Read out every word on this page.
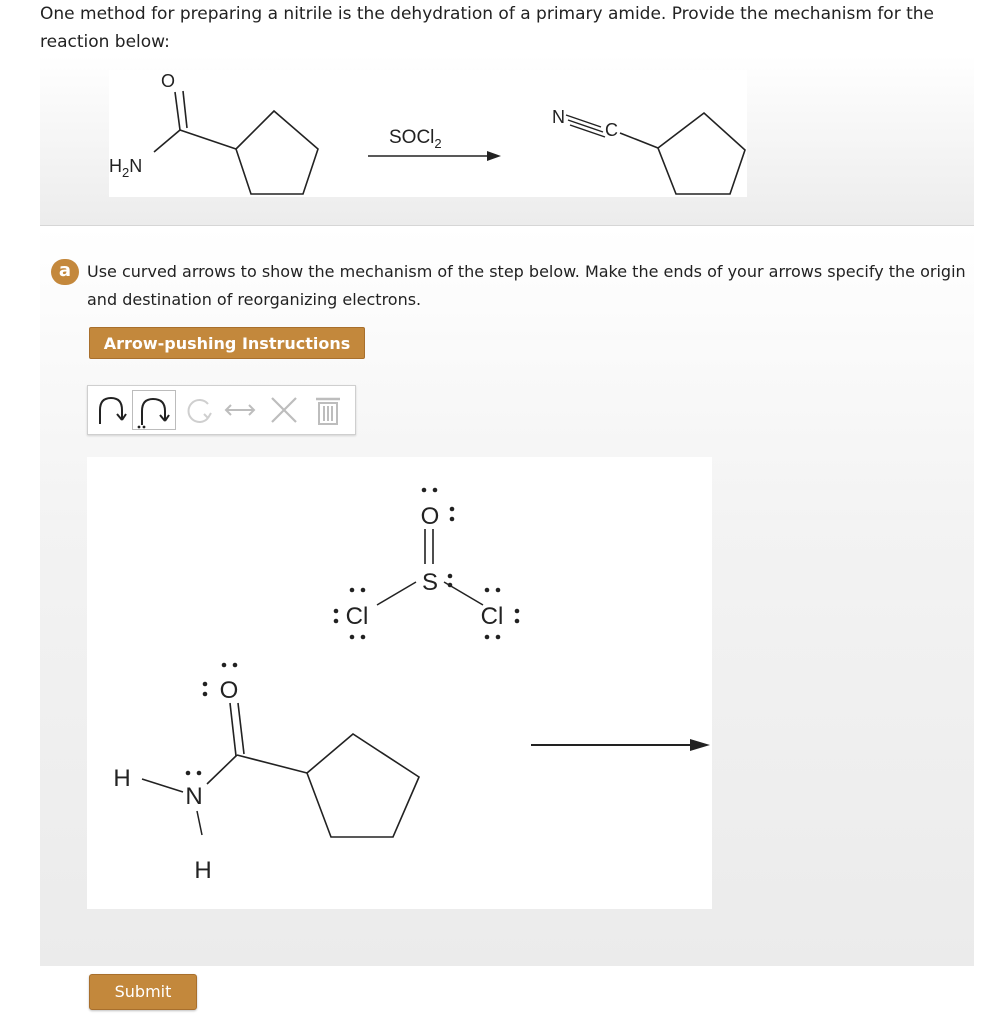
One method for preparing a nitrile is the dehydration of a primary amide. Provide the mechanism for the reaction below:
O
$H_2N$
SOCl$_2$
N
C
a Use curved arrows to show the mechanism of the step below. Make the ends of your arrows specify the origin and destination of reorganizing electrons.
Arrow-pushing Instructions
O
S
Cl	Cl
O
N
H
H
Submit
